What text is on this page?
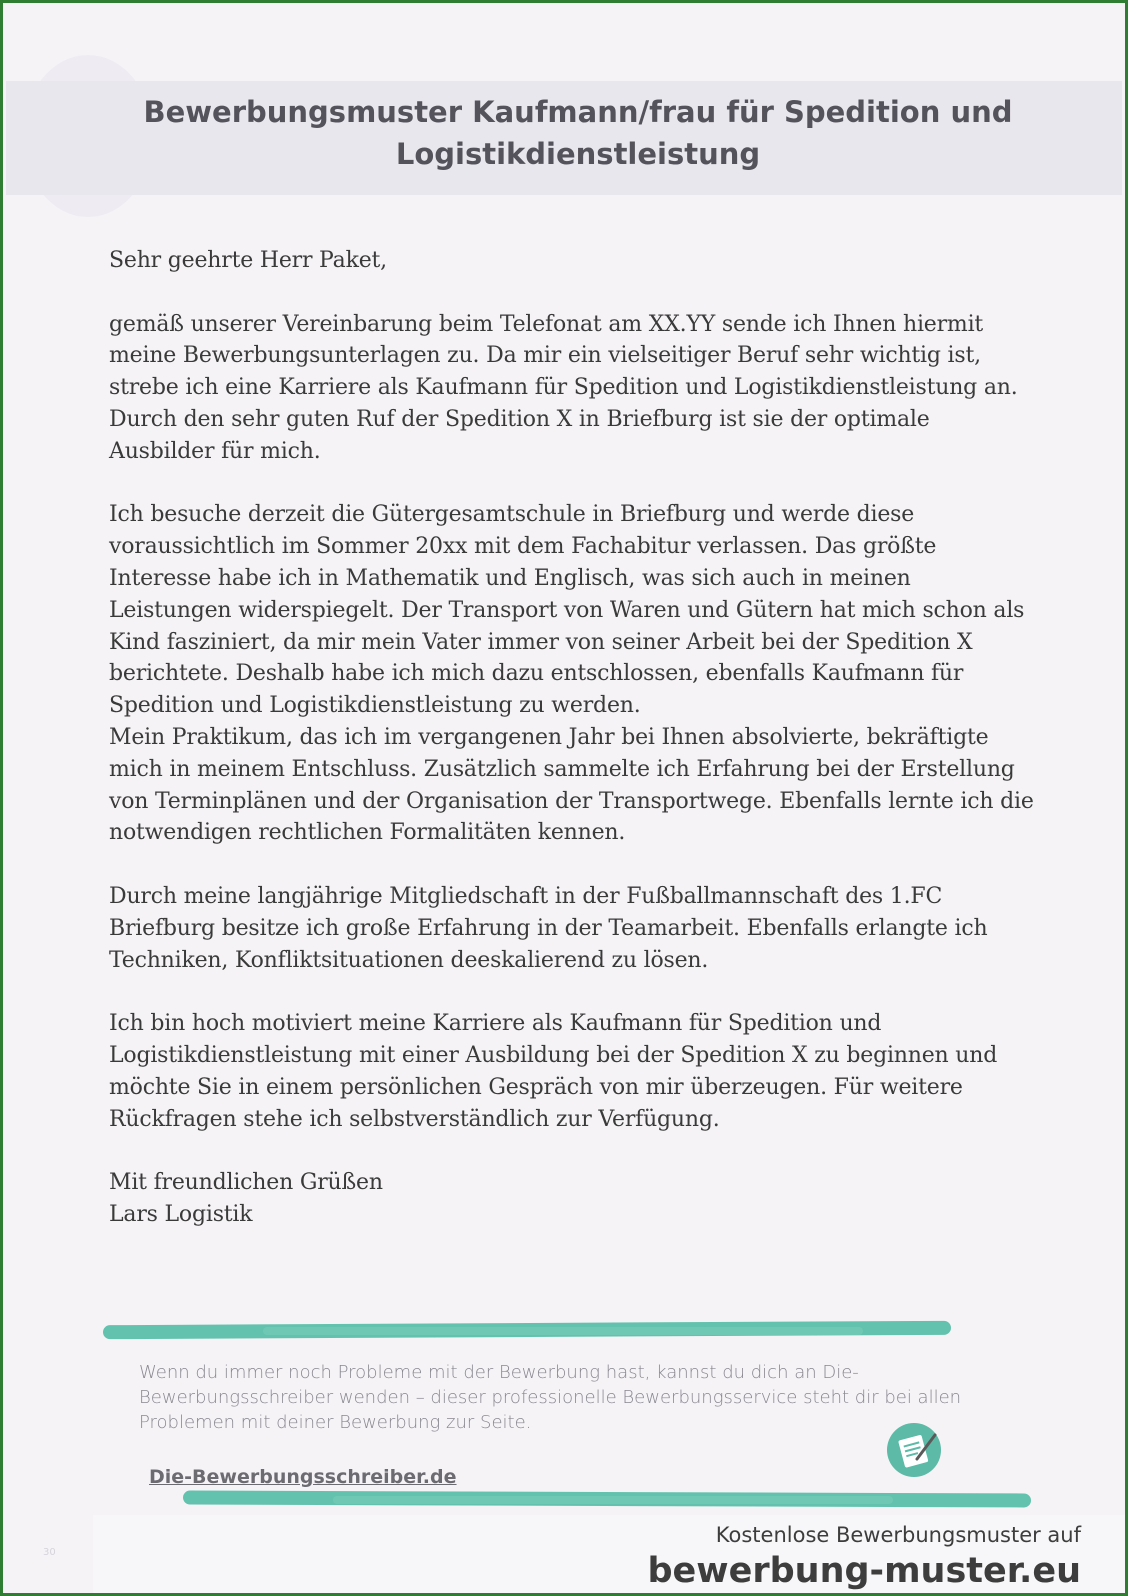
Bewerbungsmuster Kaufmann/frau für Spedition und Logistikdienstleistung

Sehr geehrte Herr Paket,

gemäß unserer Vereinbarung beim Telefonat am XX.YY sende ich Ihnen hiermit meine Bewerbungsunterlagen zu. Da mir ein vielseitiger Beruf sehr wichtig ist, strebe ich eine Karriere als Kaufmann für Spedition und Logistikdienstleistung an. Durch den sehr guten Ruf der Spedition X in Briefburg ist sie der optimale Ausbilder für mich.

Ich besuche derzeit die Gütergesamtschule in Briefburg und werde diese voraussichtlich im Sommer 20xx mit dem Fachabitur verlassen. Das größte Interesse habe ich in Mathematik und Englisch, was sich auch in meinen Leistungen widerspiegelt. Der Transport von Waren und Gütern hat mich schon als Kind fasziniert, da mir mein Vater immer von seiner Arbeit bei der Spedition X berichtete. Deshalb habe ich mich dazu entschlossen, ebenfalls Kaufmann für Spedition und Logistikdienstleistung zu werden.

Mein Praktikum, das ich im vergangenen Jahr bei Ihnen absolvierte, bekräftigte mich in meinem Entschluss. Zusätzlich sammelte ich Erfahrung bei der Erstellung von Terminplänen und der Organisation der Transportwege. Ebenfalls lernte ich die notwendigen rechtlichen Formalitäten kennen.

Durch meine langjährige Mitgliedschaft in der Fußballmannschaft des 1.FC Briefburg besitze ich große Erfahrung in der Teamarbeit. Ebenfalls erlangte ich Techniken, Konfliktsituationen deeskalierend zu lösen.

Ich bin hoch motiviert meine Karriere als Kaufmann für Spedition und Logistikdienstleistung mit einer Ausbildung bei der Spedition X zu beginnen und möchte Sie in einem persönlichen Gespräch von mir überzeugen. Für weitere Rückfragen stehe ich selbstverständlich zur Verfügung.

Mit freundlichen Grüßen

Lars Logistik

Wenn du immer noch Probleme mit der Bewerbung hast, kannst du dich an Die-Bewerbungsschreiber wenden – dieser professionelle Bewerbungsservice steht dir bei allen Problemen mit deiner Bewerbung zur Seite.
Die-Bewerbungsschreiber.de
30
Kostenlose Bewerbungsmuster auf
bewerbung-muster.eu
